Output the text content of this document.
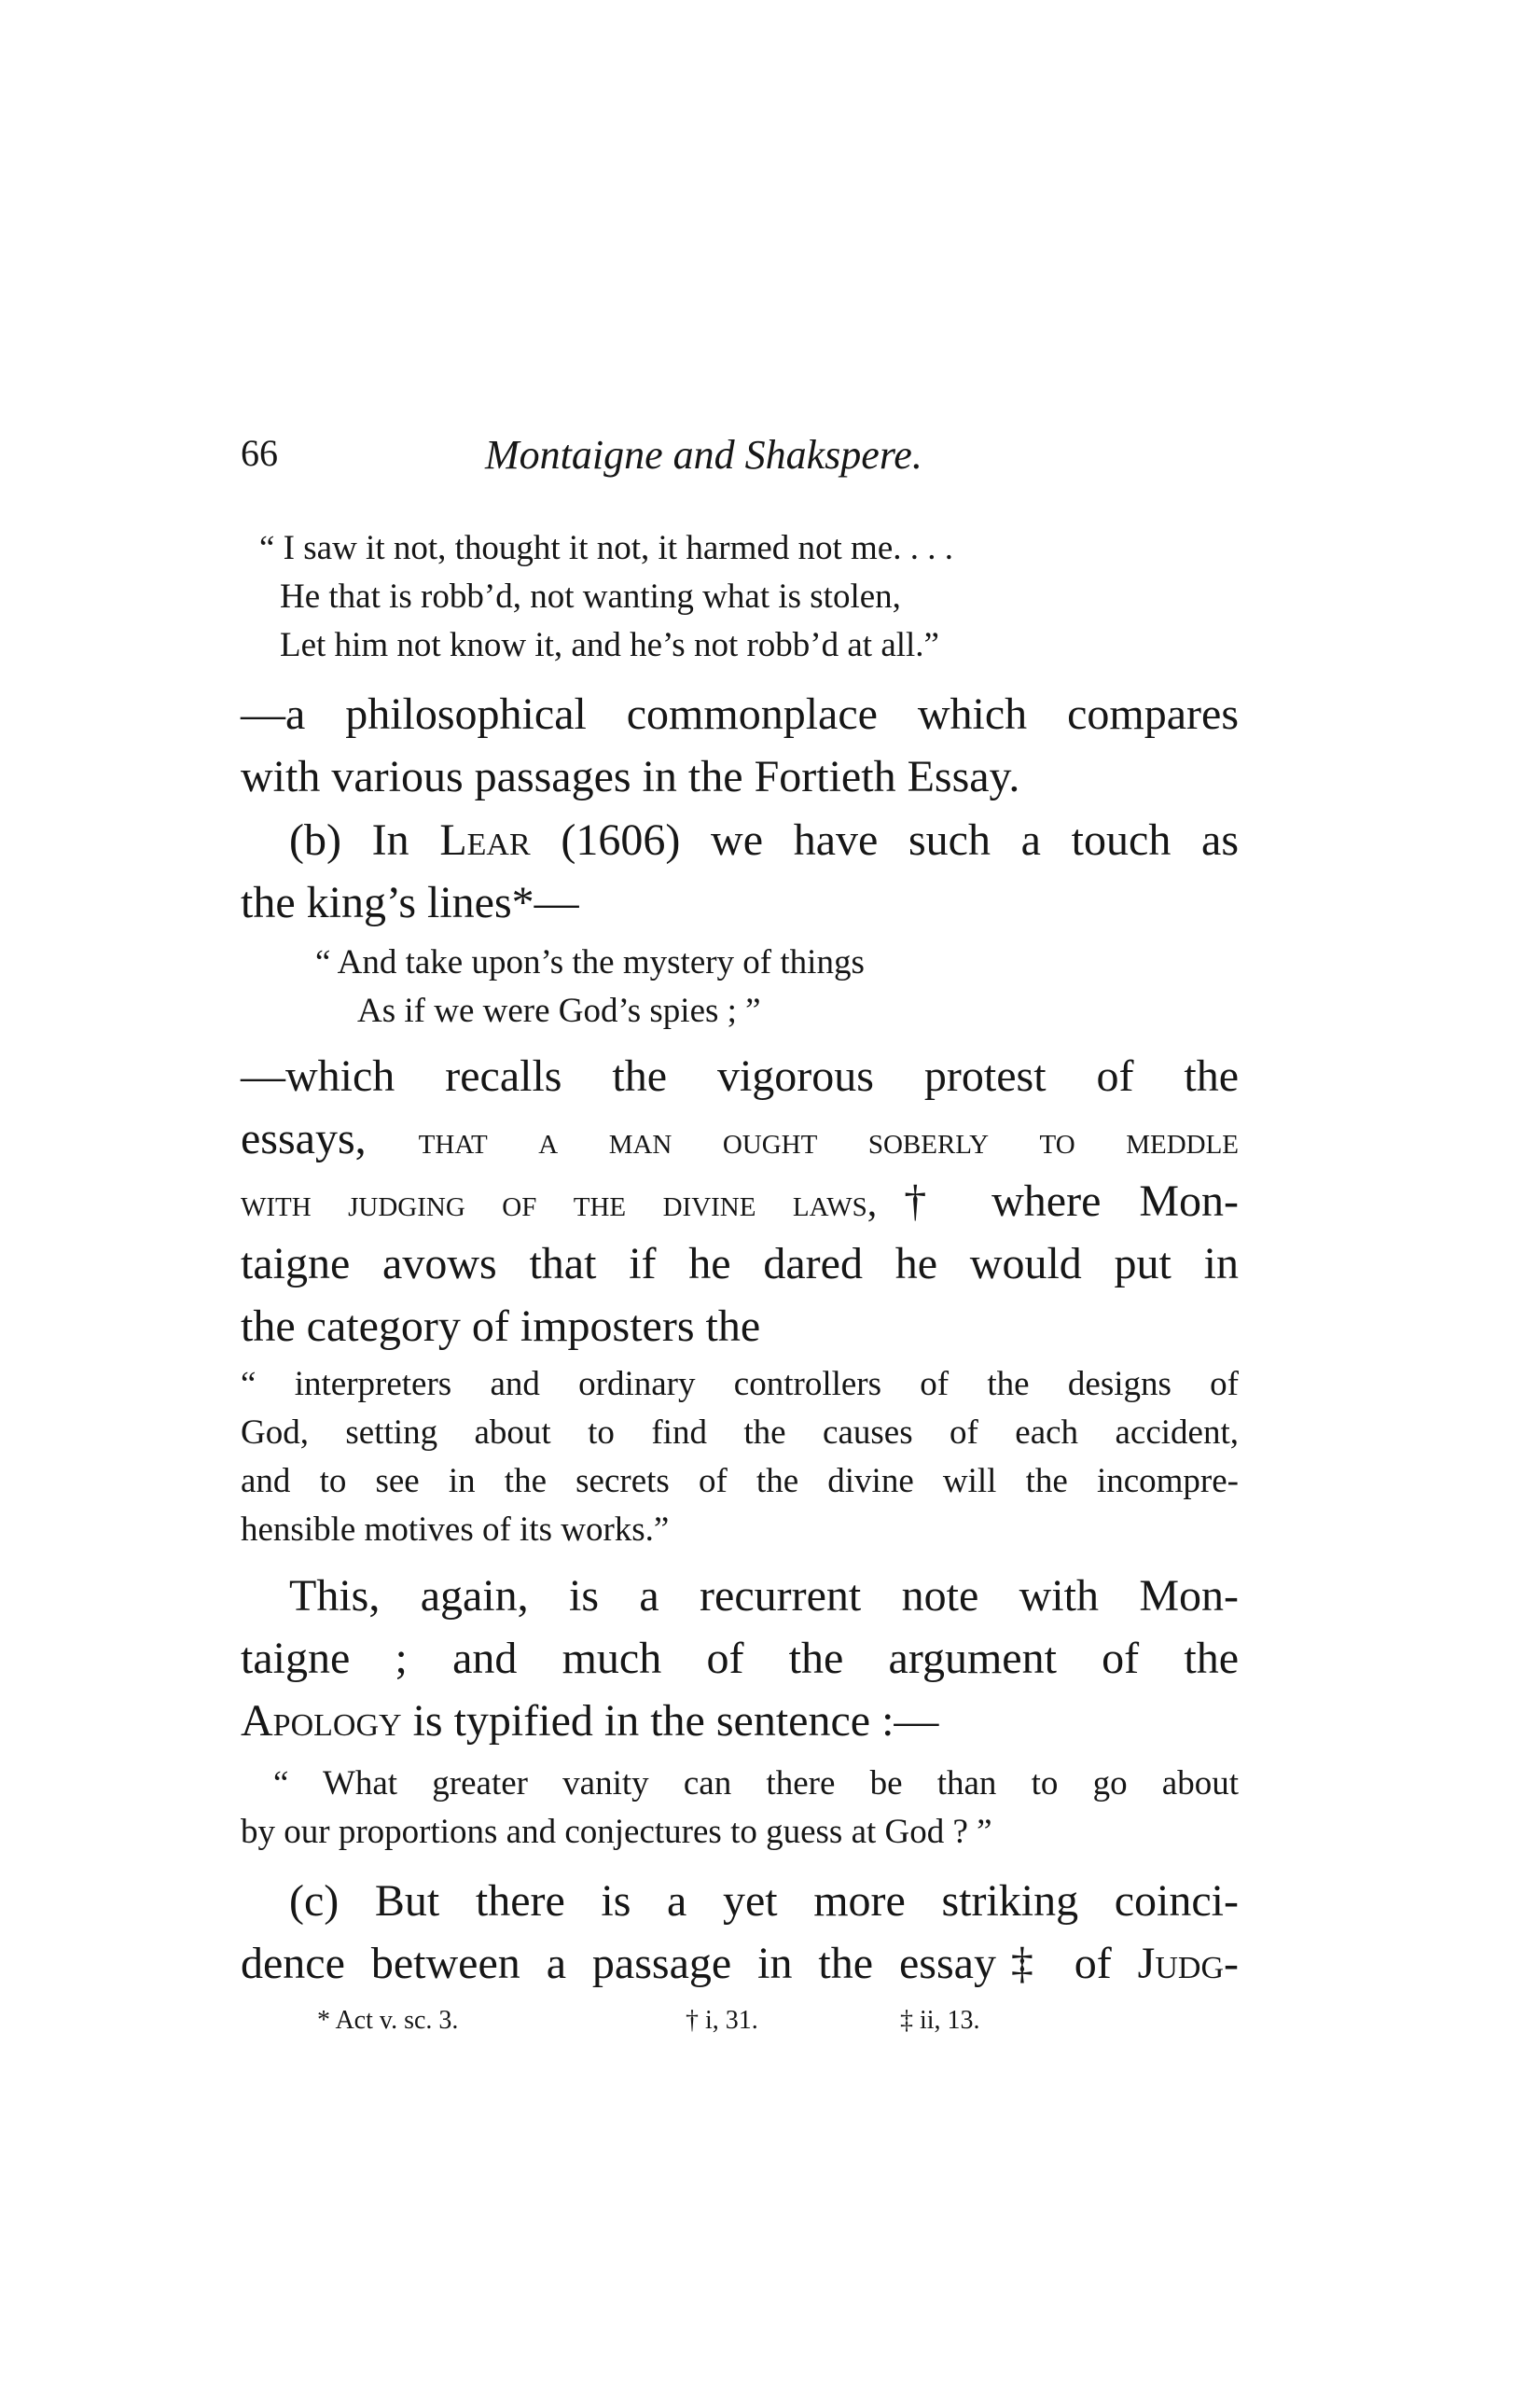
66	Montaigne and Shakspere.
“ I saw it not, thought it not, it harmed not me. . . .
He that is robb’d, not wanting what is stolen,
Let him not know it, and he’s not robb’d at all.”
—a philosophical commonplace which compares
with various passages in the Fortieth Essay.
(b) In Lear (1606) we have such a touch as
the king’s lines*—
“ And take upon’s the mystery of things
As if we were God’s spies ; ”
—which recalls the vigorous protest of the
essays, that a man ought soberly to meddle
with judging of the divine laws,† where Mon-
taigne avows that if he dared he would put in
the category of imposters the
“ interpreters and ordinary controllers of the designs of
God, setting about to find the causes of each accident,
and to see in the secrets of the divine will the incompre-
hensible motives of its works.”
This, again, is a recurrent note with Mon-
taigne ; and much of the argument of the
Apology is typified in the sentence :—
“ What greater vanity can there be than to go about
by our proportions and conjectures to guess at God ? ”
(c) But there is a yet more striking coinci-
dence between a passage in the essay‡ of Judg-
* Act v. sc. 3.	† i, 31.	‡ ii, 13.
